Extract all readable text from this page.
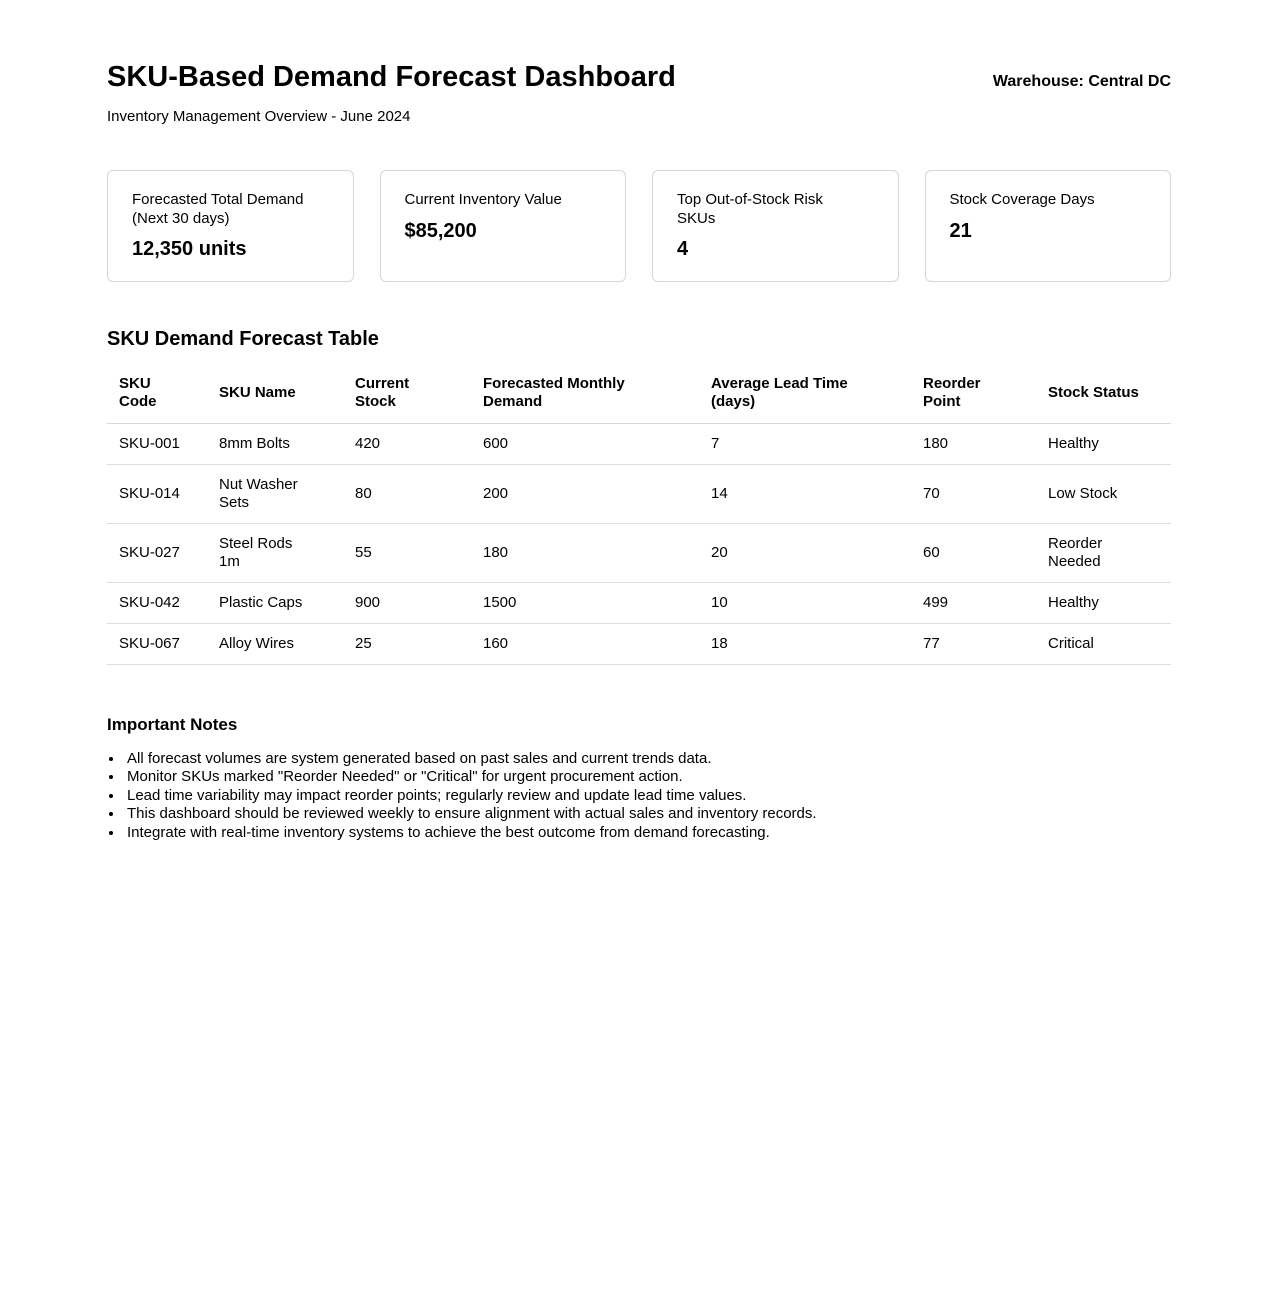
SKU-Based Demand Forecast Dashboard	Warehouse: Central DC

Inventory Management Overview - June 2024

Forecasted Total Demand (Next 30 days)
12,350 units
Current Inventory Value
$85,200
Top Out-of-Stock Risk SKUs
4
Stock Coverage Days
21
SKU Demand Forecast Table
SKU Code	SKU Name	Current Stock	Forecasted Monthly Demand	Average Lead Time (days)	Reorder Point	Stock Status
SKU-001	8mm Bolts	420	600	7	180	Healthy
SKU-014	Nut Washer Sets	80	200	14	70	Low Stock
SKU-027	Steel Rods 1m	55	180	20	60	Reorder Needed
SKU-042	Plastic Caps	900	1500	10	499	Healthy
SKU-067	Alloy Wires	25	160	18	77	Critical
Important Notes
• All forecast volumes are system generated based on past sales and current trends data.
• Monitor SKUs marked "Reorder Needed" or "Critical" for urgent procurement action.
• Lead time variability may impact reorder points; regularly review and update lead time values.
• This dashboard should be reviewed weekly to ensure alignment with actual sales and inventory records.
• Integrate with real-time inventory systems to achieve the best outcome from demand forecasting.
